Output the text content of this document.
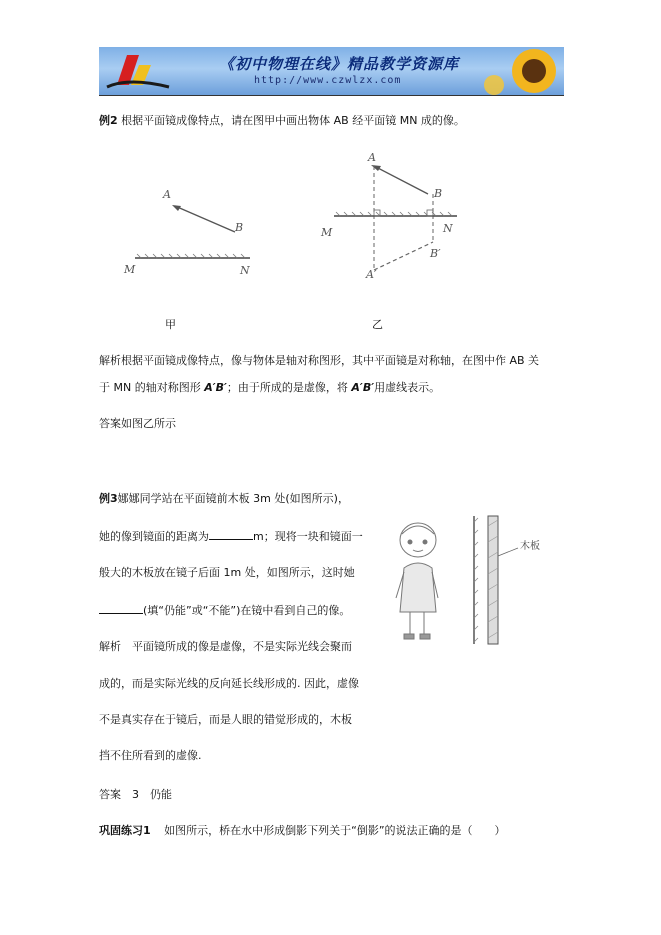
《初中物理在线》精品教学资源库
http://www.czwlzx.com
例2 根据平面镜成像特点，请在图甲中画出物体 AB 经平面镜 MN 成的像。
A
B
M	N
甲
A
B
M	N
B′
A′
乙
解析根据平面镜成像特点，像与物体是轴对称图形，其中平面镜是对称轴，在图中作 AB 关
于 MN 的轴对称图形 A′B′；由于所成的是虚像，将 A′B′用虚线表示。
答案如图乙所示
例3娜娜同学站在平面镜前木板 3m 处(如图所示)，
她的像到镜面的距离为	m；现将一块和镜面一
般大的木板放在镜子后面 1m 处，如图所示，这时她
(填“仍能”或“不能”)在镜中看到自己的像。
解析　平面镜所成的像是虚像，不是实际光线会聚而
成的，而是实际光线的反向延长线形成的. 因此，虚像
不是真实存在于镜后，而是人眼的错觉形成的，木板
挡不住所看到的虚像.
答案　3　仍能
木板
巩固练习1 如图所示，桥在水中形成倒影下列关于“倒影”的说法正确的是（　　）
